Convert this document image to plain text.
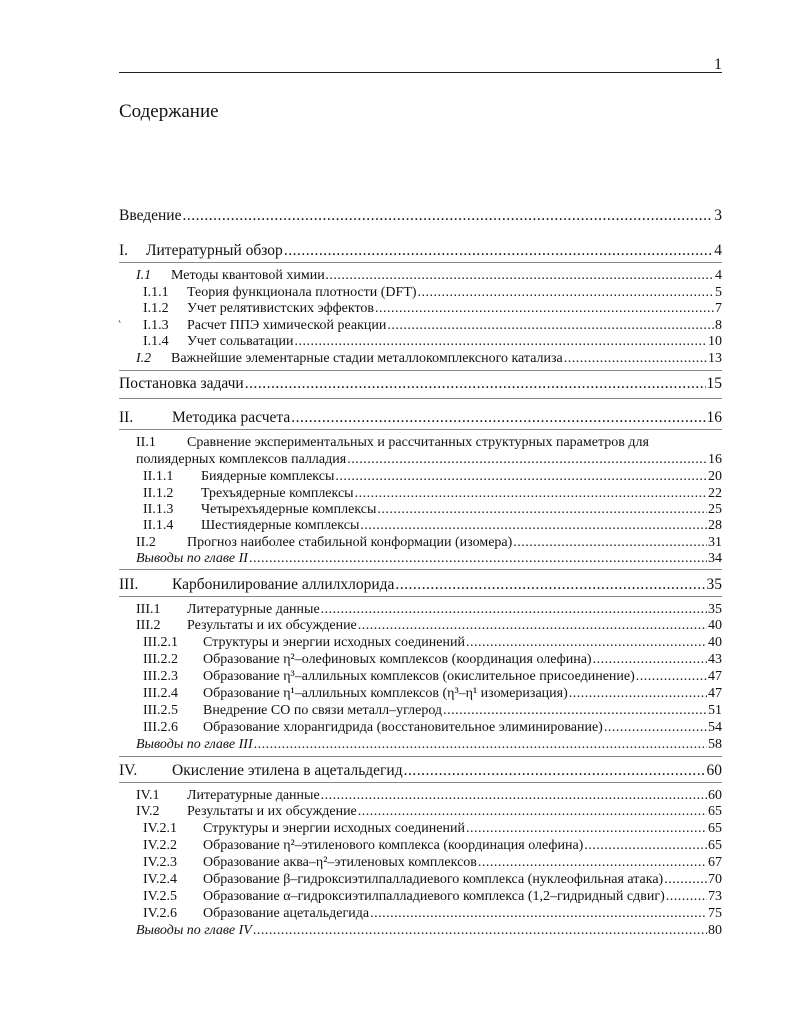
1
Содержание
Введение .....	3
I.	Литературный обзор .....	4
I.1	Методы квантовой химии .....	4
I.1.1	Теория функционала плотности (DFT) .....	5
˛ I.1.2	Учет релятивистских эффектов .....	7
I.1.3	Расчет ППЭ химической реакции .....	8
I.1.4	Учет сольватации .....	10
I.2	Важнейшие элементарные стадии металлокомплексного катализа .....	13
Постановка задачи .....	15
II.	Методика расчета .....	16
II.1 Сравнение экспериментальных и рассчитанных структурных параметров для
полиядерных комплексов палладия .....	16
II.1.1	Биядерные комплексы .....	20
II.1.2	Трехъядерные комплексы .....	22
II.1.3	Четырехъядерные комплексы .....	25
II.1.4	Шестиядерные комплексы .....	28
II.2	Прогноз наиболее стабильной конформации (изомера) .....	31
Выводы по главе II .....	34
III.	Карбонилирование аллилхлорида .....	35
III.1	Литературные данные .....	35
III.2	Результаты и их обсуждение .....	40
III.2.1	Структуры и энергии исходных соединений .....	40
III.2.2	Образование η²–олефиновых комплексов (координация олефина) .....	43
III.2.3	Образование η³–аллильных комплексов (окислительное присоединение) .....	47
III.2.4	Образование η¹–аллильных комплексов (η³–η¹ изомеризация) .....	47
III.2.5	Внедрение CO по связи металл–углерод .....	51
III.2.6	Образование хлорангидрида (восстановительное элиминирование) .....	54
Выводы по главе III .....	58
IV.	Окисление этилена в ацетальдегид .....	60
IV.1	Литературные данные .....	60
IV.2	Результаты и их обсуждение .....	65
IV.2.1	Структуры и энергии исходных соединений .....	65
IV.2.2	Образование η²–этиленового комплекса (координация олефина) .....	65
IV.2.3	Образование аква–η²–этиленовых комплексов .....	67
IV.2.4	Образование β–гидроксиэтилпалладиевого комплекса (нуклеофильная атака) .....	70
IV.2.5	Образование α–гидроксиэтилпалладиевого комплекса (1,2–гидридный сдвиг) .....	73
IV.2.6	Образование ацетальдегида .....	75
Выводы по главе IV .....	80
